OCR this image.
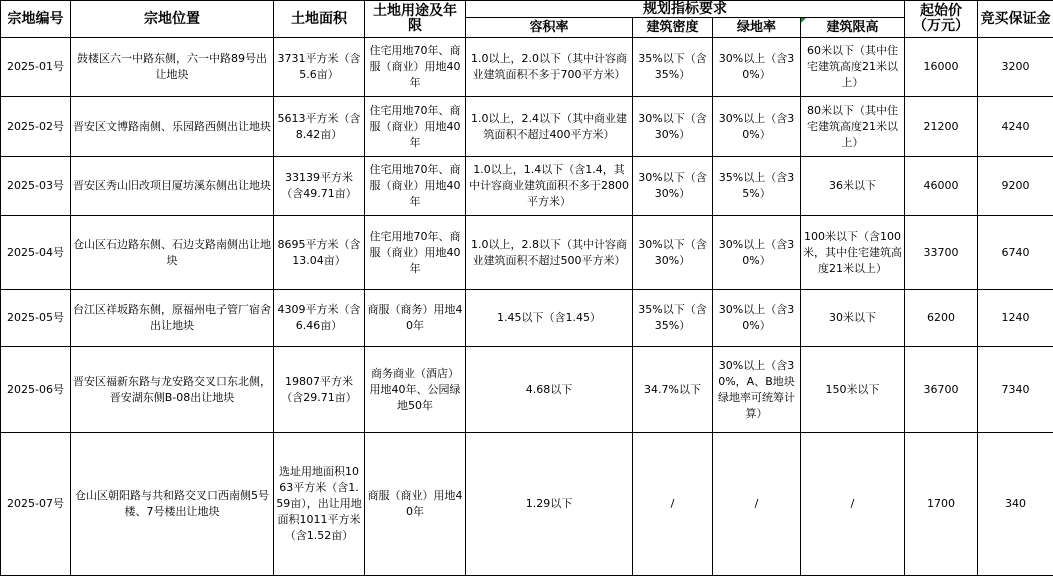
宗地编号	宗地位置	土地面积	土地用途及年限	规划指标要求				起始价（万元）	竞买保证金
				容积率	建筑密度	绿地率	建筑限高		
2025-01号	鼓楼区六一中路东侧，六一中路89号出让地块	3731平方米（含5.6亩）	住宅用地70年、商服（商业）用地40年	1.0以上，2.0以下（其中计容商业建筑面积不多于700平方米）	35%以下（含35%）	30%以上（含30%）	60米以下（其中住宅建筑高度21米以上）	16000	3200
2025-02号	晋安区文博路南侧、乐园路西侧出让地块	5613平方米（含8.42亩）	住宅用地70年、商服（商业）用地40年	1.0以上，2.4以下（其中商业建筑面积不超过400平方米）	30%以下（含30%）	30%以上（含30%）	80米以下（其中住宅建筑高度21米以上）	21200	4240
2025-03号	晋安区秀山旧改项目厦坊溪东侧出让地块	33139平方米（含49.71亩）	住宅用地70年、商服（商业）用地40年	1.0以上，1.4以下（含1.4，其中计容商业建筑面积不多于2800平方米）	30%以下（含30%）	35%以上（含35%）	36米以下	46000	9200
2025-04号	仓山区石边路东侧、石边支路南侧出让地块	8695平方米（含13.04亩）	住宅用地70年、商服（商业）用地40年	1.0以上，2.8以下（其中计容商业建筑面积不超过500平方米）	30%以下（含30%）	30%以上（含30%）	100米以下（含100米，其中住宅建筑高度21米以上）	33700	6740
2025-05号	台江区祥坂路东侧，原福州电子管厂宿舍出让地块	4309平方米（含6.46亩）	商服（商务）用地40年	1.45以下（含1.45）	35%以下（含35%）	30%以上（含30%）	30米以下	6200	1240
2025-06号	晋安区福新东路与龙安路交叉口东北侧，晋安湖东侧B-08出让地块	19807平方米（含29.71亩）	商务商业（酒店）用地40年、公园绿地50年	4.68以下	34.7%以下	30%以上（含30%，A、B地块绿地率可统筹计算）	150米以下	36700	7340
2025-07号	仓山区朝阳路与共和路交叉口西南侧5号楼、7号楼出让地块	选址用地面积1063平方米（含1.59亩），出让用地面积1011平方米（含1.52亩）	商服（商业）用地40年	1.29以下	/	/	/	1700	340
